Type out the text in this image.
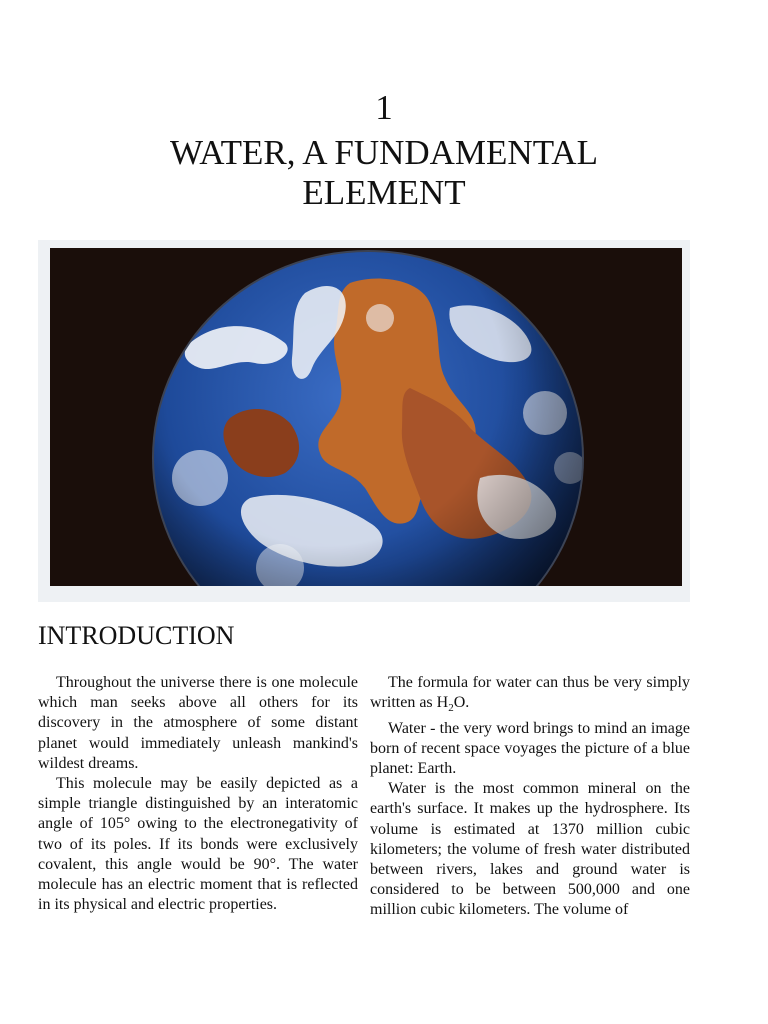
1
WATER, A FUNDAMENTAL
ELEMENT
INTRODUCTION

Throughout the universe there is one molecule which man seeks above all others for its discovery in the atmosphere of some distant planet would immediately unleash mankind's wildest dreams.

This molecule may be easily depicted as a simple triangle distinguished by an interatomic angle of 105° owing to the electronegativity of two of its poles. If its bonds were exclusively covalent, this angle would be 90°. The water molecule has an electric moment that is reflected in its physical and electric properties.

The formula for water can thus be very simply written as $H_2O$.

Water - the very word brings to mind an image born of recent space voyages the picture of a blue planet: Earth.

Water is the most common mineral on the earth's surface. It makes up the hydrosphere. Its volume is estimated at 1370 million cubic kilometers; the volume of fresh water distributed between rivers, lakes and ground water is considered to be between 500,000 and one million cubic kilometers. The volume of
